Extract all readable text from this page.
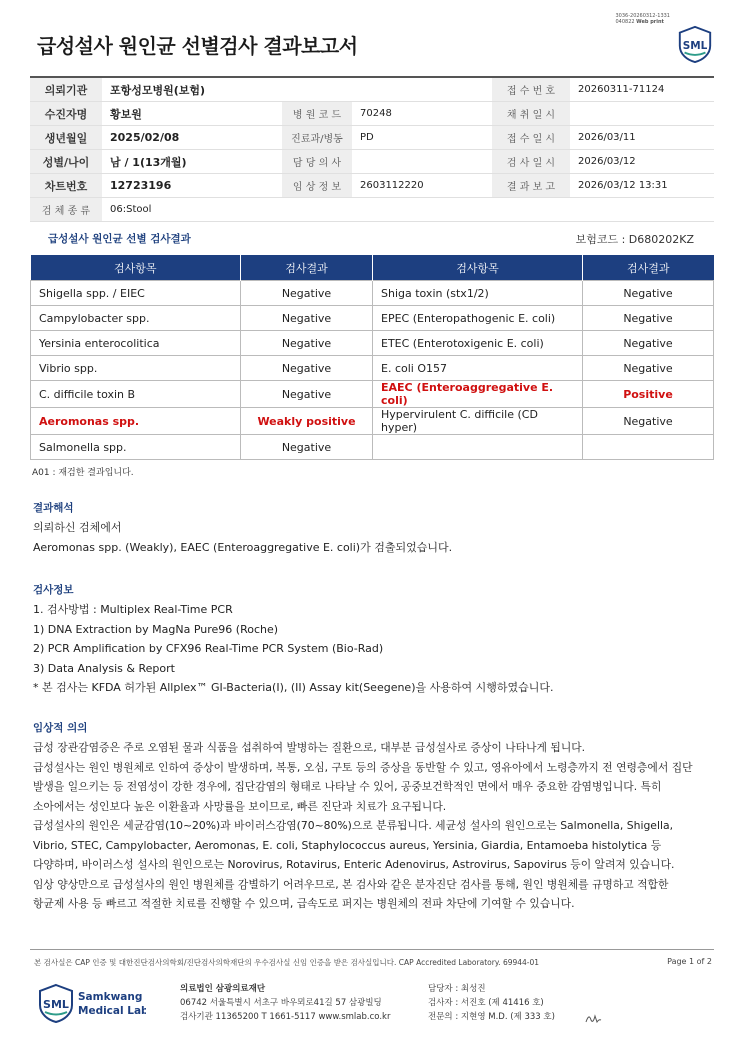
3036-20260312-1331
040822 Web print
급성설사 원인균 선별검사 결과보고서	SML
의뢰기관	포항성모병원(보험)			접 수 번 호	20260311-71124
수진자명	황보원	병 원 코 드	70248	채 취 일 시	
생년월일	2025/02/08	진료과/병동	PD	접 수 일 시	2026/03/11
성별/나이	남 / 1(13개월)	담 당 의 사		검 사 일 시	2026/03/12
차트번호	12723196	임 상 정 보	2603112220	결 과 보 고	2026/03/12 13:31
검 체 종 류	06:Stool				
급성설사 원인균 선별 검사결과	보험코드 : D680202KZ
검사항목	검사결과	검사항목	검사결과
Shigella spp. / EIEC	Negative	Shiga toxin (stx1/2)	Negative
Campylobacter spp.	Negative	EPEC (Enteropathogenic E. coli)	Negative
Yersinia enterocolitica	Negative	ETEC (Enterotoxigenic E. coli)	Negative
Vibrio spp.	Negative	E. coli O157	Negative
C. difficile toxin B	Negative	EAEC (Enteroaggregative E. coli)	Positive
Aeromonas spp.	Weakly positive	Hypervirulent C. difficile (CD hyper)	Negative
Salmonella spp.	Negative		
A01 : 재검한 결과입니다.
결과해석
의뢰하신 검체에서
Aeromonas spp. (Weakly), EAEC (Enteroaggregative E. coli)가 검출되었습니다.
검사정보
1. 검사방법 : Multiplex Real-Time PCR
1) DNA Extraction by MagNa Pure96 (Roche)
2) PCR Amplification by CFX96 Real-Time PCR System (Bio-Rad)
3) Data Analysis & Report
* 본 검사는 KFDA 허가된 Allplex™ GI-Bacteria(I), (II) Assay kit(Seegene)을 사용하여 시행하였습니다.
임상적 의의
급성 장관감염증은 주로 오염된 물과 식품을 섭취하여 발병하는 질환으로, 대부분 급성설사로 증상이 나타나게 됩니다.
급성설사는 원인 병원체로 인하여 증상이 발생하며, 복통, 오심, 구토 등의 증상을 동반할 수 있고, 영유아에서 노령층까지 전 연령층에서 집단
발생을 일으키는 등 전염성이 강한 경우에, 집단감염의 형태로 나타날 수 있어, 공중보건학적인 면에서 매우 중요한 감염병입니다. 특히
소아에서는 성인보다 높은 이환율과 사망률을 보이므로, 빠른 진단과 치료가 요구됩니다.
급성설사의 원인은 세균감염(10~20%)과 바이러스감염(70~80%)으로 분류됩니다. 세균성 설사의 원인으로는 Salmonella, Shigella,
Vibrio, STEC, Campylobacter, Aeromonas, E. coli, Staphylococcus aureus, Yersinia, Giardia, Entamoeba histolytica 등
다양하며, 바이러스성 설사의 원인으로는 Norovirus, Rotavirus, Enteric Adenovirus, Astrovirus, Sapovirus 등이 알려져 있습니다.
임상 양상만으로 급성설사의 원인 병원체를 감별하기 어려우므로, 본 검사와 같은 분자진단 검사를 통해, 원인 병원체를 규명하고 적합한
항균제 사용 등 빠르고 적절한 치료를 진행할 수 있으며, 급속도로 퍼지는 병원체의 전파 차단에 기여할 수 있습니다.
본 검사실은 CAP 인증 및 대한진단검사의학회/진단검사의학재단의 우수검사실 신임 인증을 받은 검사실입니다. CAP Accredited Laboratory. 69944-01	Page 1 of 2
SML
Samkwang
Medical Lab
의료법인 삼광의료재단
06742 서울특별시 서초구 바우뫼로41길 57 삼광빌딩
검사기관 11365200 T 1661-5117 www.smlab.co.kr
담당자 : 최성진
검사자 : 서진호 (제 41416 호)
전문의 : 지현영 M.D. (제 333 호)
